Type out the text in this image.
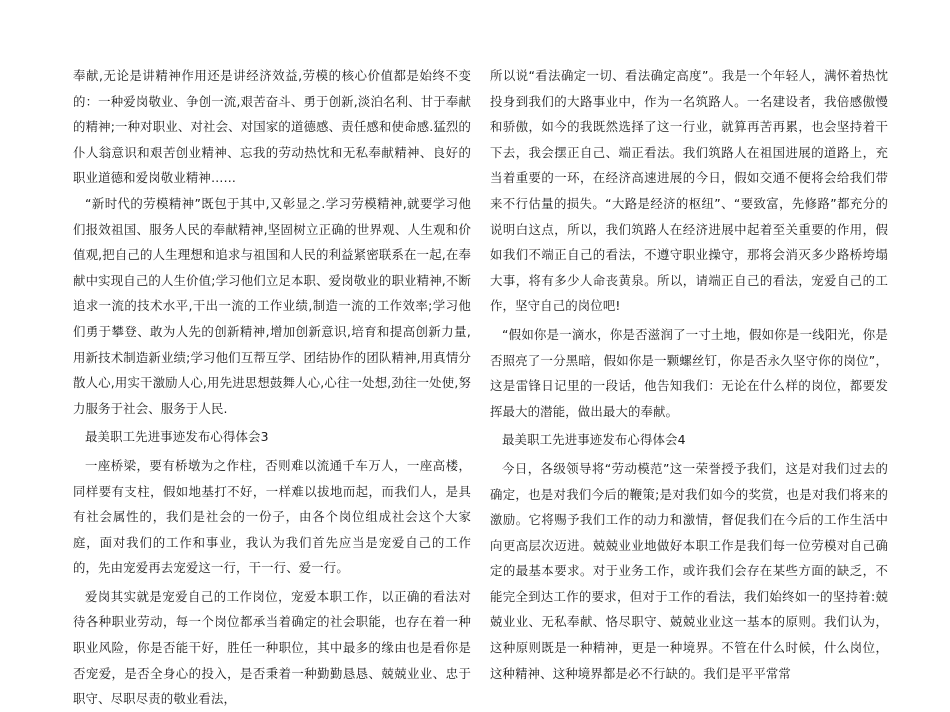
奉献,无论是讲精神作用还是讲经济效益,劳模的核心价值都是始终不变的：一种爱岗敬业、争创一流,艰苦奋斗、勇于创新,淡泊名利、甘于奉献的精神;一种对职业、对社会、对国家的道德感、责任感和使命感.猛烈的仆人翁意识和艰苦创业精神、忘我的劳动热忱和无私奉献精神、良好的职业道德和爱岗敬业精神……

“新时代的劳模精神”既包于其中,又彰显之.学习劳模精神,就要学习他们报效祖国、服务人民的奉献精神,坚固树立正确的世界观、人生观和价值观,把自己的人生理想和追求与祖国和人民的利益紧密联系在一起,在奉献中实现自己的人生价值;学习他们立足本职、爱岗敬业的职业精神,不断追求一流的技术水平,干出一流的工作业绩,制造一流的工作效率;学习他们勇于攀登、敢为人先的创新精神,增加创新意识,培育和提高创新力量,用新技术制造新业绩;学习他们互帮互学、团结协作的团队精神,用真情分散人心,用实干激励人心,用先进思想鼓舞人心,心往一处想,劲往一处使,努力服务于社会、服务于人民.

最美职工先进事迹发布心得体会3

一座桥梁，要有桥墩为之作柱，否则难以流通千车万人，一座高楼，同样要有支柱，假如地基打不好，一样难以拔地而起，而我们人，是具有社会属性的，我们是社会的一份子，由各个岗位组成社会这个大家庭，面对我们的工作和事业，我认为我们首先应当是宠爱自己的工作的，先由宠爱再去宠爱这一行，干一行、爱一行。

爱岗其实就是宠爱自己的工作岗位，宠爱本职工作，以正确的看法对待各种职业劳动，每一个岗位都承当着确定的社会职能，也存在着一种职业风险，你是否能干好，胜任一种职位，其中最多的缘由也是看你是否宠爱，是否全身心的投入，是否秉着一种勤勤恳恳、兢兢业业、忠于职守、尽职尽责的敬业看法，

所以说“看法确定一切、看法确定高度”。我是一个年轻人，满怀着热忱投身到我们的大路事业中，作为一名筑路人。一名建设者，我倍感傲慢和骄傲，如今的我既然选择了这一行业，就算再苦再累，也会坚持着干下去，我会摆正自己、端正看法。我们筑路人在祖国进展的道路上，充当着重要的一环，在经济高速进展的今日，假如交通不便将会给我们带来不行估量的损失。“大路是经济的枢纽”、“要致富，先修路”都充分的说明白这点，所以，我们筑路人在经济进展中起着至关重要的作用，假如我们不端正自己的看法，不遵守职业操守，那将会消灭多少路桥垮塌大事，将有多少人命丧黄泉。所以，请端正自己的看法，宠爱自己的工作，坚守自己的岗位吧!

“假如你是一滴水，你是否滋润了一寸土地，假如你是一线阳光，你是否照亮了一分黑暗，假如你是一颗螺丝钉，你是否永久坚守你的岗位”，这是雷锋日记里的一段话，他告知我们：无论在什么样的岗位，都要发挥最大的潜能，做出最大的奉献。

最美职工先进事迹发布心得体会4

今日，各级领导将“劳动模范”这一荣誉授予我们，这是对我们过去的确定，也是对我们今后的鞭策;是对我们如今的奖赏，也是对我们将来的激励。它将赐予我们工作的动力和激情，督促我们在今后的工作生活中向更高层次迈进。兢兢业业地做好本职工作是我们每一位劳模对自己确定的最基本要求。对于业务工作，或许我们会存在某些方面的缺乏，不能完全到达工作的要求，但对于工作的看法，我们始终如一的坚持着:兢兢业业、无私奉献、恪尽职守、兢兢业业这一基本的原则。我们认为，这种原则既是一种精神，更是一种境界。不管在什么时候，什么岗位，这种精神、这种境界都是必不行缺的。我们是平平常常
